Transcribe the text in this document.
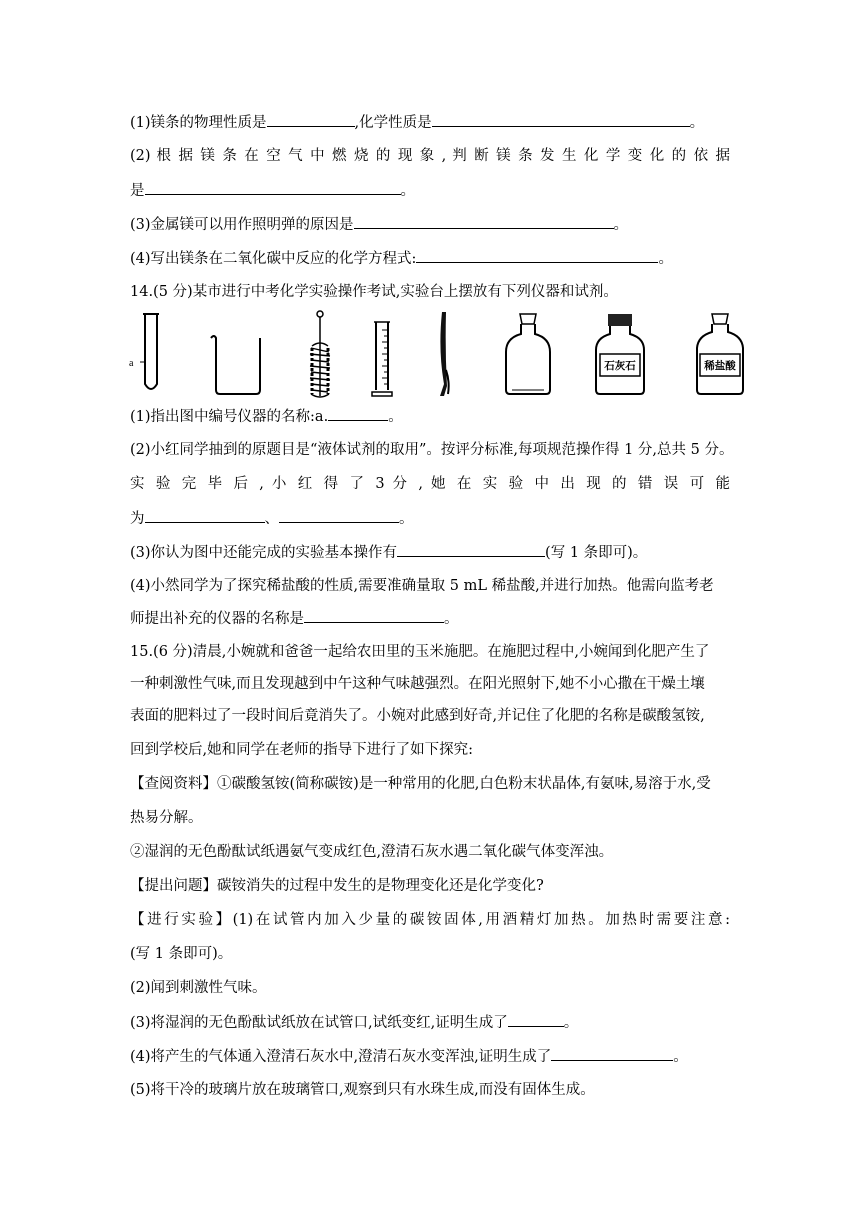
(1)镁条的物理性质是	,化学性质是	。
(2) 根 据 镁 条 在 空 气 中 燃 烧 的 现 象 , 判 断 镁 条 发 生 化 学 变 化 的 依 据
是	。
(3)金属镁可以用作照明弹的原因是	。
(4)写出镁条在二氧化碳中反应的化学方程式:	。
14.(5 分)某市进行中考化学实验操作考试,实验台上摆放有下列仪器和试剂。
石灰石	稀盐酸
a
(1)指出图中编号仪器的名称:a.	。
(2)小红同学抽到的原题目是“液体试剂的取用”。按评分标准,每项规范操作得 1 分,总共 5 分。
实 验 完 毕 后 , 小 红 得 了 3 分 , 她 在 实 验 中 出 现 的 错 误 可 能
为	、	。
(3)你认为图中还能完成的实验基本操作有	(写 1 条即可)。
(4)小然同学为了探究稀盐酸的性质,需要准确量取 5 mL 稀盐酸,并进行加热。他需向监考老
师提出补充的仪器的名称是	。
15.(6 分)清晨,小婉就和爸爸一起给农田里的玉米施肥。在施肥过程中,小婉闻到化肥产生了
一种刺激性气味,而且发现越到中午这种气味越强烈。在阳光照射下,她不小心撒在干燥土壤
表面的肥料过了一段时间后竟消失了。小婉对此感到好奇,并记住了化肥的名称是碳酸氢铵,
回到学校后,她和同学在老师的指导下进行了如下探究:
【查阅资料】①碳酸氢铵(简称碳铵)是一种常用的化肥,白色粉末状晶体,有氨味,易溶于水,受
热易分解。
②湿润的无色酚酞试纸遇氨气变成红色,澄清石灰水遇二氧化碳气体变浑浊。
【提出问题】碳铵消失的过程中发生的是物理变化还是化学变化?
【进行实验】(1)在试管内加入少量的碳铵固体,用酒精灯加热。加热时需要注意:
(写 1 条即可)。
(2)闻到刺激性气味。
(3)将湿润的无色酚酞试纸放在试管口,试纸变红,证明生成了	。
(4)将产生的气体通入澄清石灰水中,澄清石灰水变浑浊,证明生成了	。
(5)将干冷的玻璃片放在玻璃管口,观察到只有水珠生成,而没有固体生成。
